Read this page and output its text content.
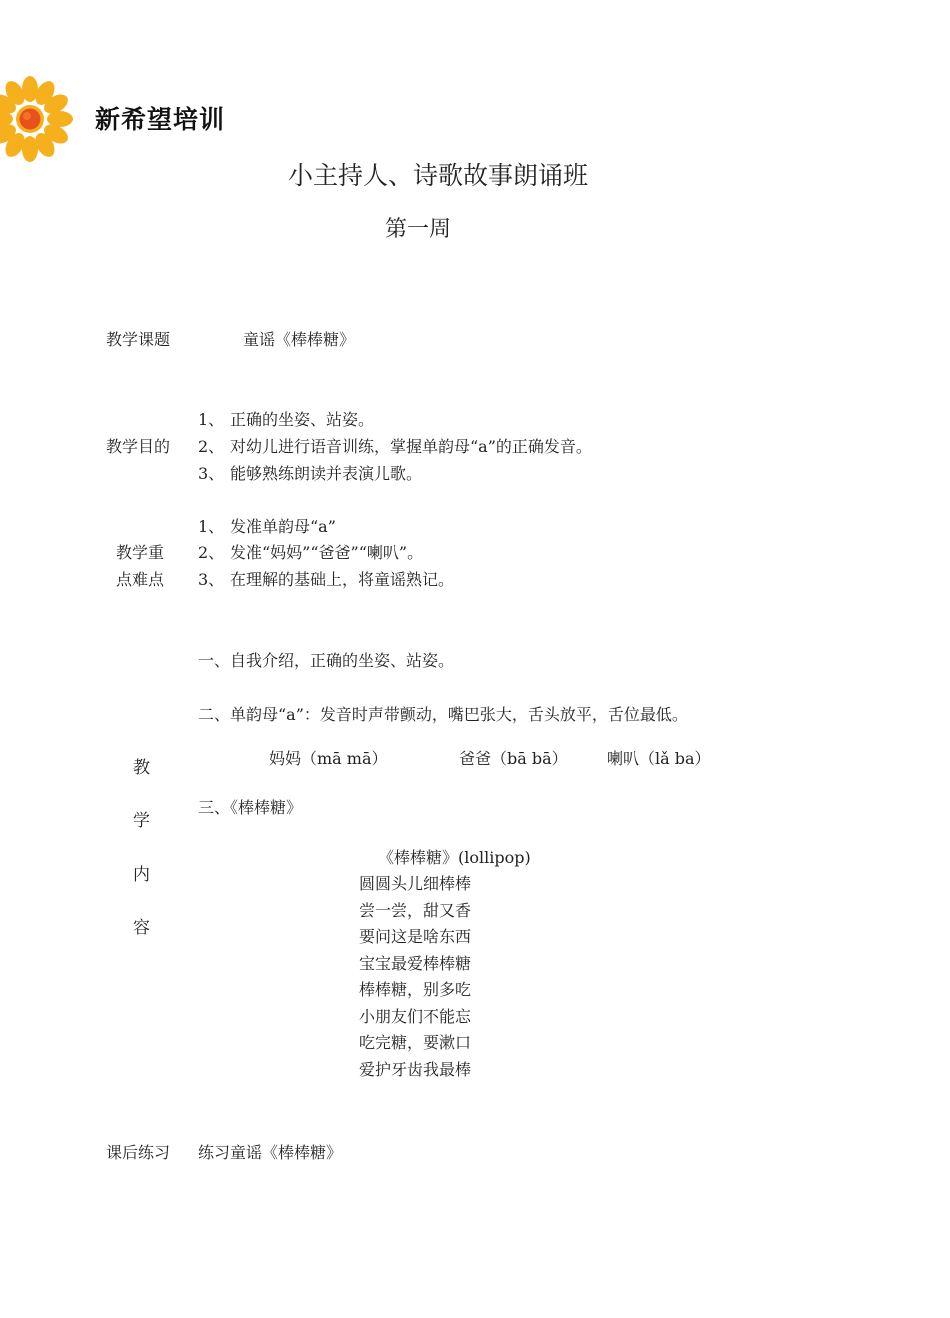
新希望培训
小主持人、诗歌故事朗诵班
第一周
教学课题	童谣《棒棒糖》
教学目的
1、 正确的坐姿、站姿。
2、 对幼儿进行语音训练，掌握单韵母“a”的正确发音。
3、 能够熟练朗读并表演儿歌。
教学重
点难点
1、 发准单韵母“a”
2、 发准“妈妈”“爸爸”“喇叭”。
3、 在理解的基础上，将童谣熟记。
教
学
内
容
一、自我介绍，正确的坐姿、站姿。
二、单韵母“a”：发音时声带颤动，嘴巴张大，舌头放平，舌位最低。
妈妈（mā mā）	爸爸（bā bā） 喇叭（lǎ ba）
三、《棒棒糖》
《棒棒糖》(lollipop)
圆圆头儿细棒棒
尝一尝，甜又香
要问这是啥东西
宝宝最爱棒棒糖
棒棒糖，别多吃
小朋友们不能忘
吃完糖，要漱口
爱护牙齿我最棒
课后练习 练习童谣《棒棒糖》
